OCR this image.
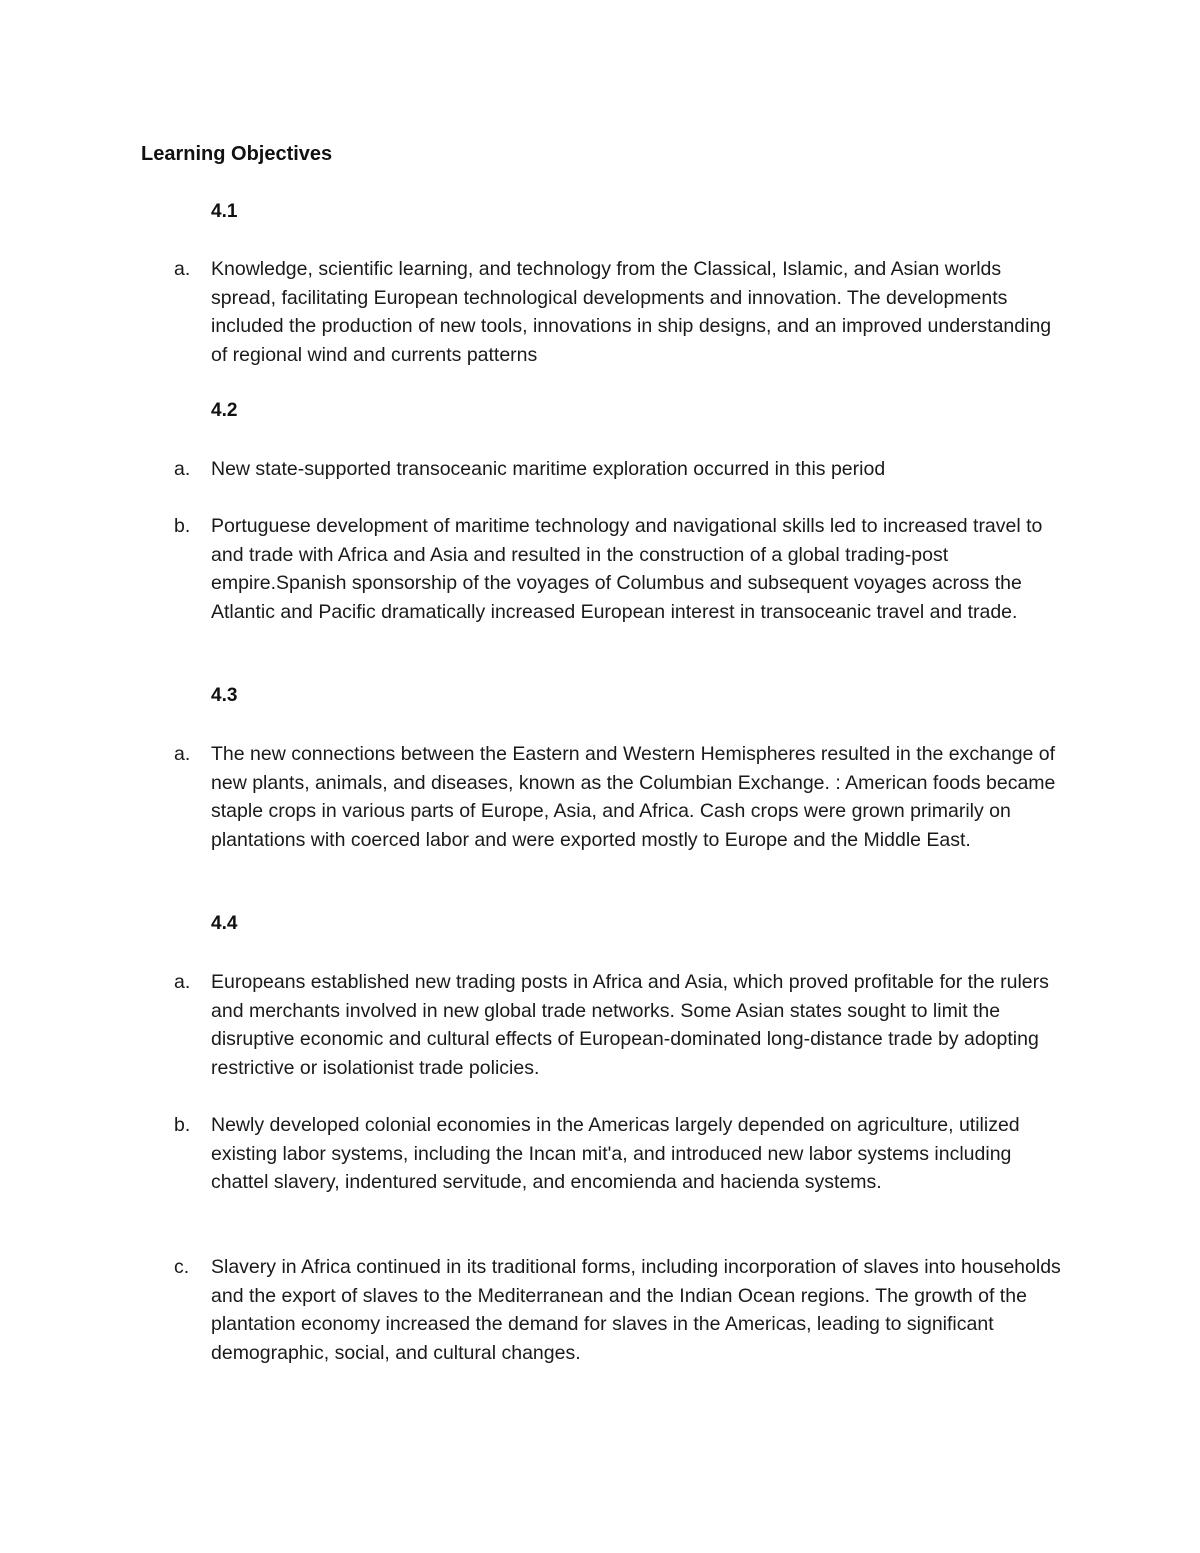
Learning Objectives
4.1
a.	Knowledge, scientific learning, and technology from the Classical, Islamic, and Asian worlds spread, facilitating European technological developments and innovation. The developments included the production of new tools, innovations in ship designs, and an improved understanding of regional wind and currents patterns
4.2
a.	New state-supported transoceanic maritime exploration occurred in this period
b.	Portuguese development of maritime technology and navigational skills led to increased travel to and trade with Africa and Asia and resulted in the construction of a global trading-post empire.Spanish sponsorship of the voyages of Columbus and subsequent voyages across the Atlantic and Pacific dramatically increased European interest in transoceanic travel and trade.
4.3
a.	The new connections between the Eastern and Western Hemispheres resulted in the exchange of new plants, animals, and diseases, known as the Columbian Exchange. : American foods became staple crops in various parts of Europe, Asia, and Africa. Cash crops were grown primarily on plantations with coerced labor and were exported mostly to Europe and the Middle East.
4.4
a.	Europeans established new trading posts in Africa and Asia, which proved profitable for the rulers and merchants involved in new global trade networks. Some Asian states sought to limit the disruptive economic and cultural effects of European-dominated long-distance trade by adopting restrictive or isolationist trade policies.
b.	Newly developed colonial economies in the Americas largely depended on agriculture, utilized existing labor systems, including the Incan mit'a, and introduced new labor systems including chattel slavery, indentured servitude, and encomienda and hacienda systems.
c.	Slavery in Africa continued in its traditional forms, including incorporation of slaves into households and the export of slaves to the Mediterranean and the Indian Ocean regions. The growth of the plantation economy increased the demand for slaves in the Americas, leading to significant demographic, social, and cultural changes.
